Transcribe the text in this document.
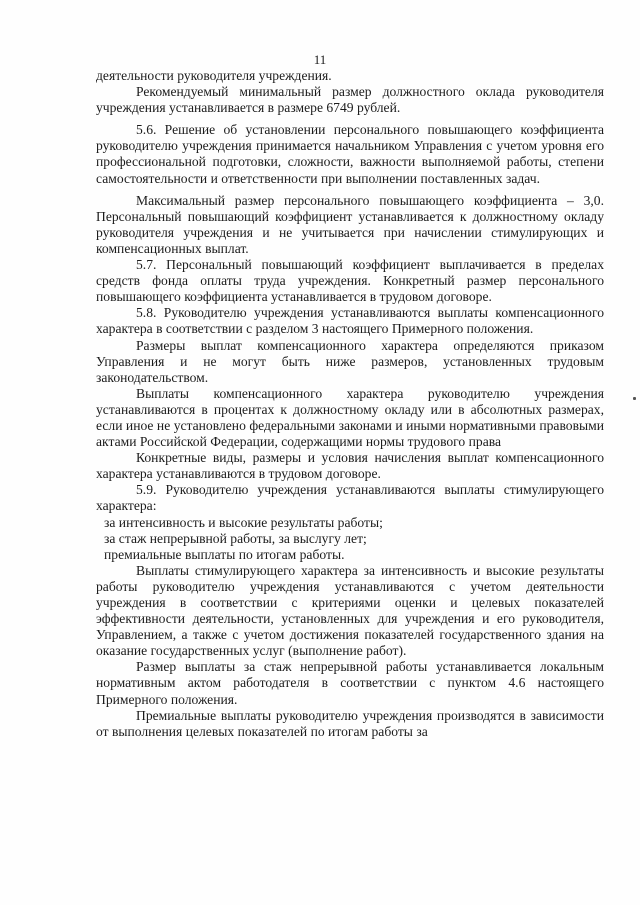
11

деятельности руководителя учреждения.

Рекомендуемый минимальный размер должностного оклада руководителя учреждения устанавливается в размере 6749 рублей.

5.6. Решение об установлении персонального повышающего коэффициента руководителю учреждения принимается начальником Управления с учетом уровня его профессиональной подготовки, сложности, важности выполняемой работы, степени самостоятельности и ответственности при выполнении поставленных задач.

Максимальный размер персонального повышающего коэффициента – 3,0. Персональный повышающий коэффициент устанавливается к должностному окладу руководителя учреждения и не учитывается при начислении стимулирующих и компенсационных выплат.

5.7. Персональный повышающий коэффициент выплачивается в пределах средств фонда оплаты труда учреждения. Конкретный размер персонального повышающего коэффициента устанавливается в трудовом договоре.

5.8. Руководителю учреждения устанавливаются выплаты компенсационного характера в соответствии с разделом 3 настоящего Примерного положения.

Размеры выплат компенсационного характера определяются приказом Управления и не могут быть ниже размеров, установленных трудовым законодательством.

Выплаты компенсационного характера руководителю учреждения устанавливаются в процентах к должностному окладу или в абсолютных размерах, если иное не установлено федеральными законами и иными нормативными правовыми актами Российской Федерации, содержащими нормы трудового права

Конкретные виды, размеры и условия начисления выплат компенсационного характера устанавливаются в трудовом договоре.

5.9. Руководителю учреждения устанавливаются выплаты стимулирующего характера:

за интенсивность и высокие результаты работы;

за стаж непрерывной работы, за выслугу лет;

премиальные выплаты по итогам работы.

Выплаты стимулирующего характера за интенсивность и высокие результаты работы руководителю учреждения устанавливаются с учетом деятельности учреждения в соответствии с критериями оценки и целевых показателей эффективности деятельности, установленных для учреждения и его руководителя, Управлением, а также с учетом достижения показателей государственного здания на оказание государственных услуг (выполнение работ).

Размер выплаты за стаж непрерывной работы устанавливается локальным нормативным актом работодателя в соответствии с пунктом 4.6 настоящего Примерного положения.

Премиальные выплаты руководителю учреждения производятся в зависимости от выполнения целевых показателей по итогам работы за
